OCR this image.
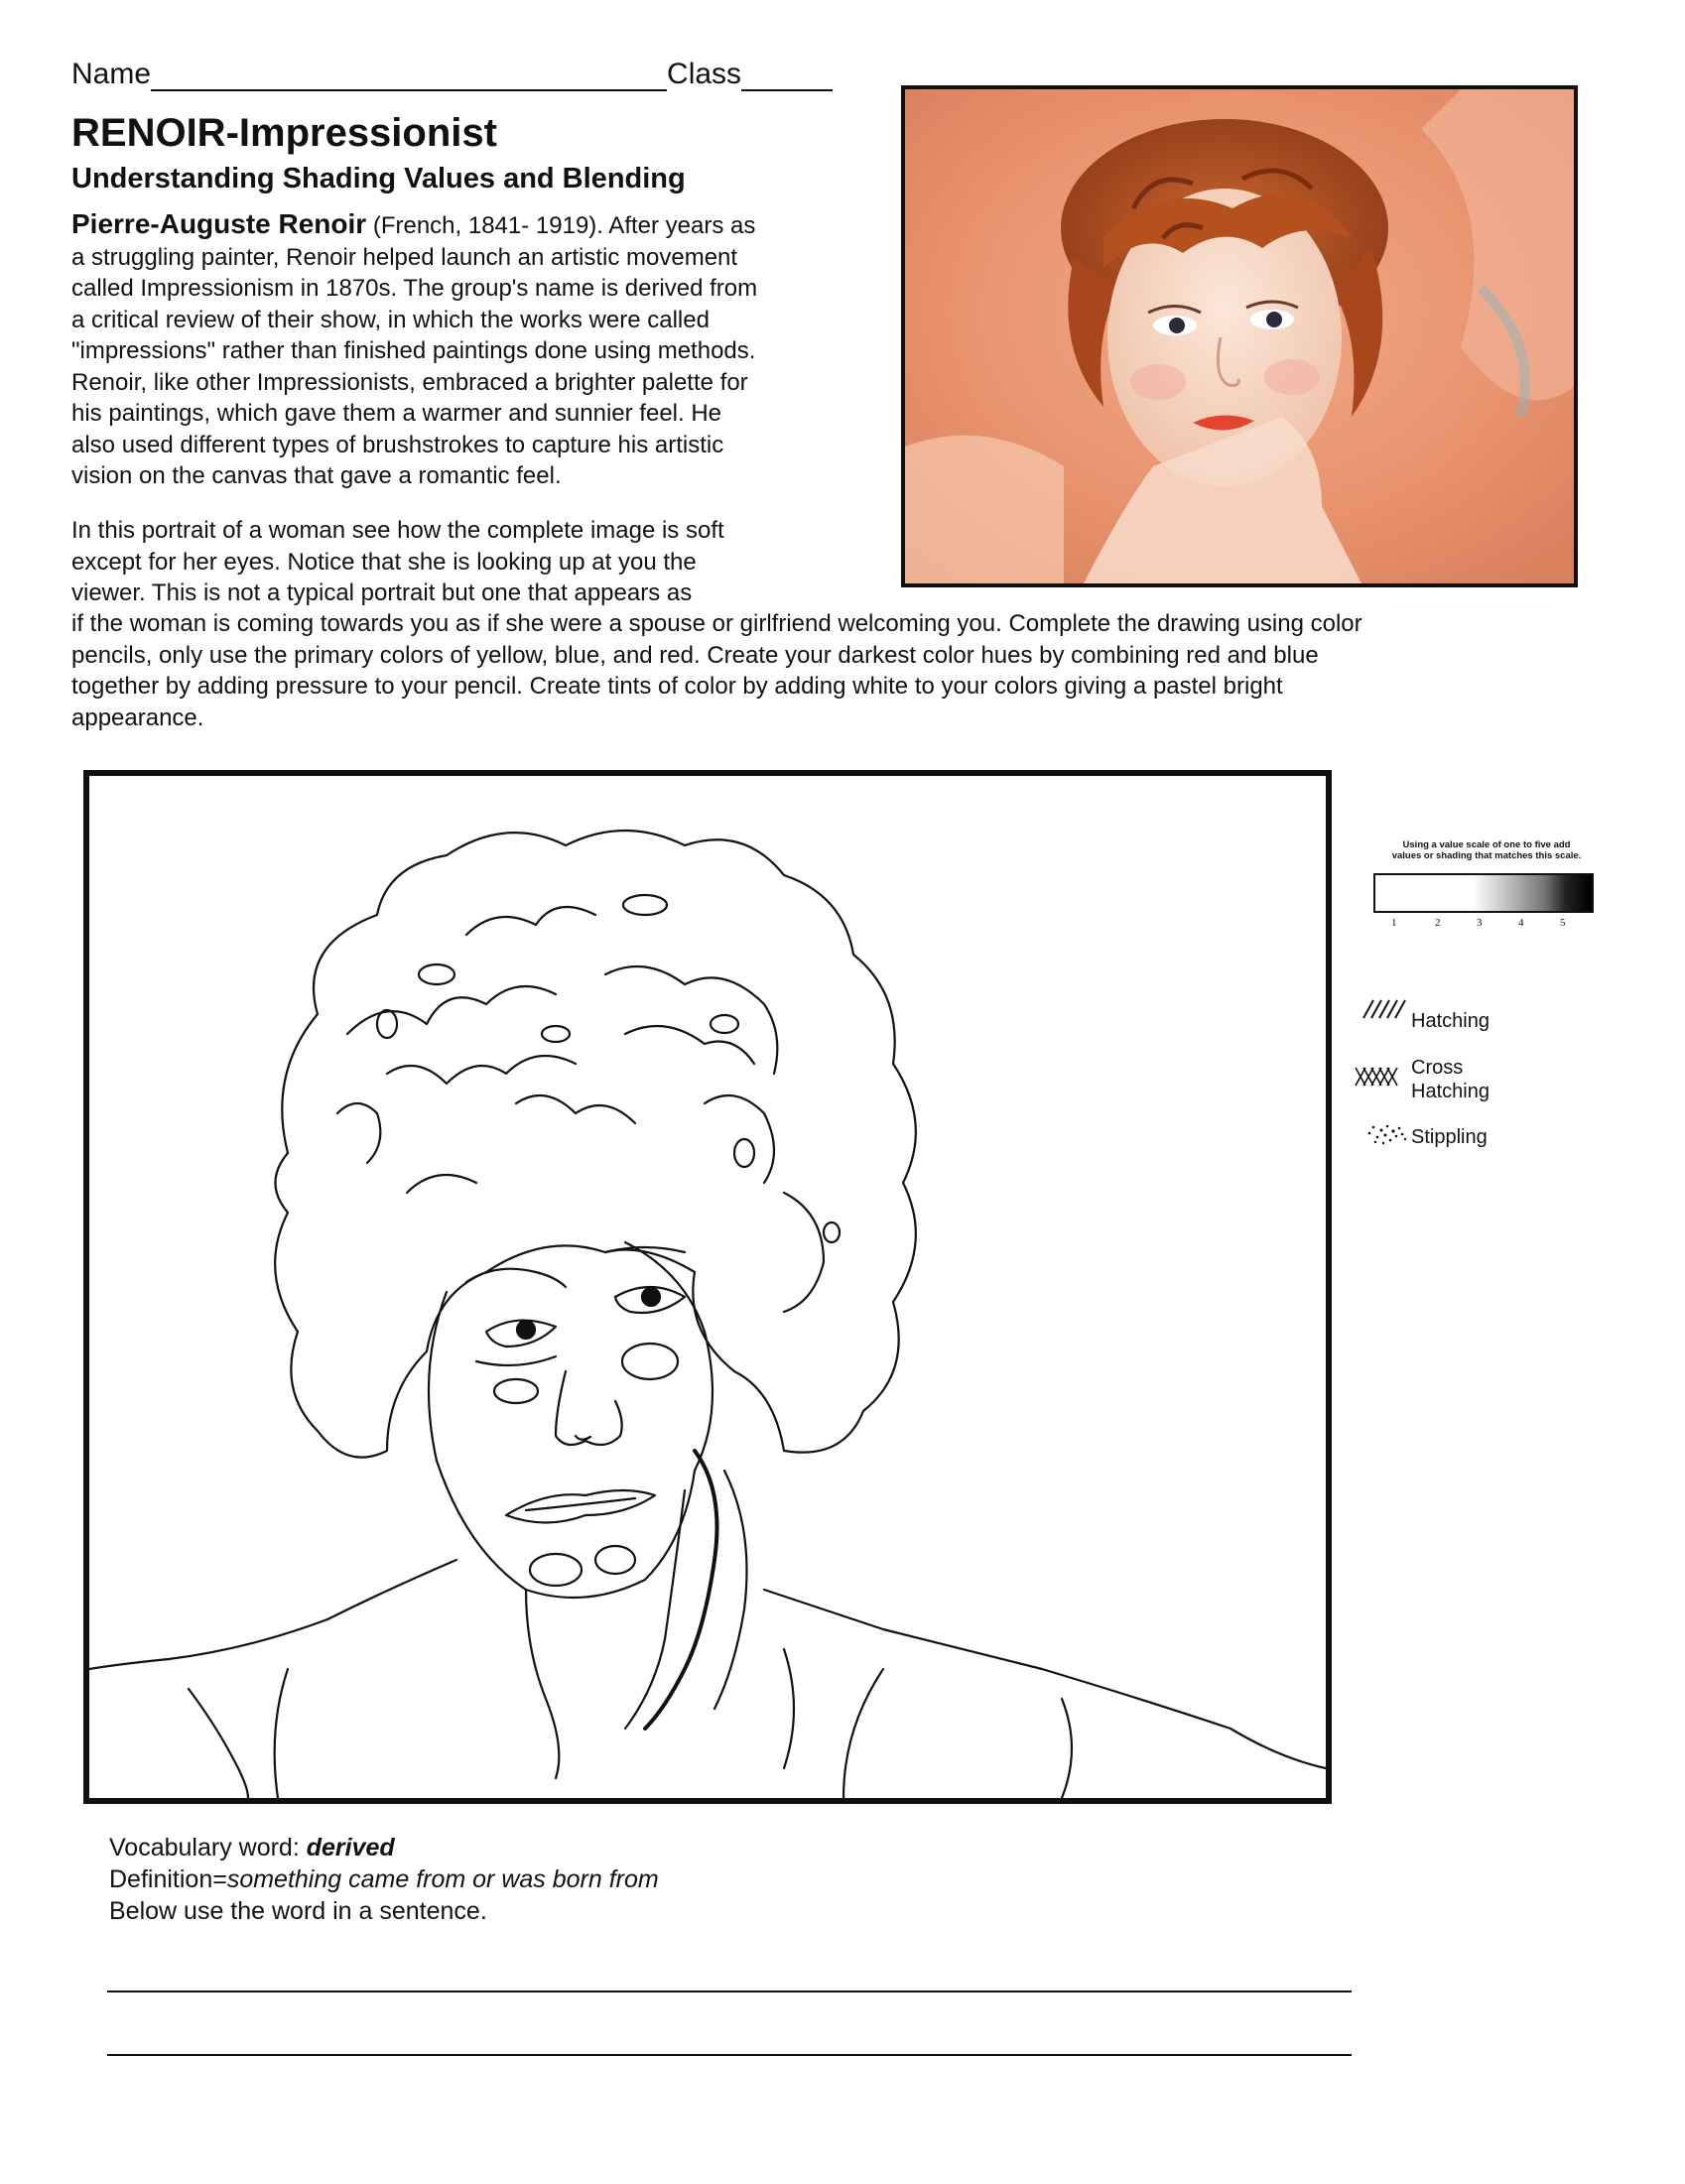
Name	Class
RENOIR-Impressionist
Understanding Shading Values and Blending
Pierre-Auguste Renoir (French, 1841- 1919). After years as
a struggling painter, Renoir helped launch an artistic movement
called Impressionism in 1870s. The group's name is derived from
a critical review of their show, in which the works were called
"impressions" rather than finished paintings done using methods.
Renoir, like other Impressionists, embraced a brighter palette for
his paintings, which gave them a warmer and sunnier feel. He
also used different types of brushstrokes to capture his artistic
vision on the canvas that gave a romantic feel.
In this portrait of a woman see how the complete image is soft
except for her eyes. Notice that she is looking up at you the
viewer. This is not a typical portrait but one that appears as
if the woman is coming towards you as if she were a spouse or girlfriend welcoming you. Complete the drawing using color
pencils, only use the primary colors of yellow, blue, and red. Create your darkest color hues by combining red and blue
together by adding pressure to your pencil. Create tints of color by adding white to your colors giving a pastel bright
appearance.
Using a value scale of one to five add
values or shading that matches this scale.
1	2	3	4	5
Hatching
Cross
Hatching
Stippling
Vocabulary word: derived
Definition=something came from or was born from
Below use the word in a sentence.
